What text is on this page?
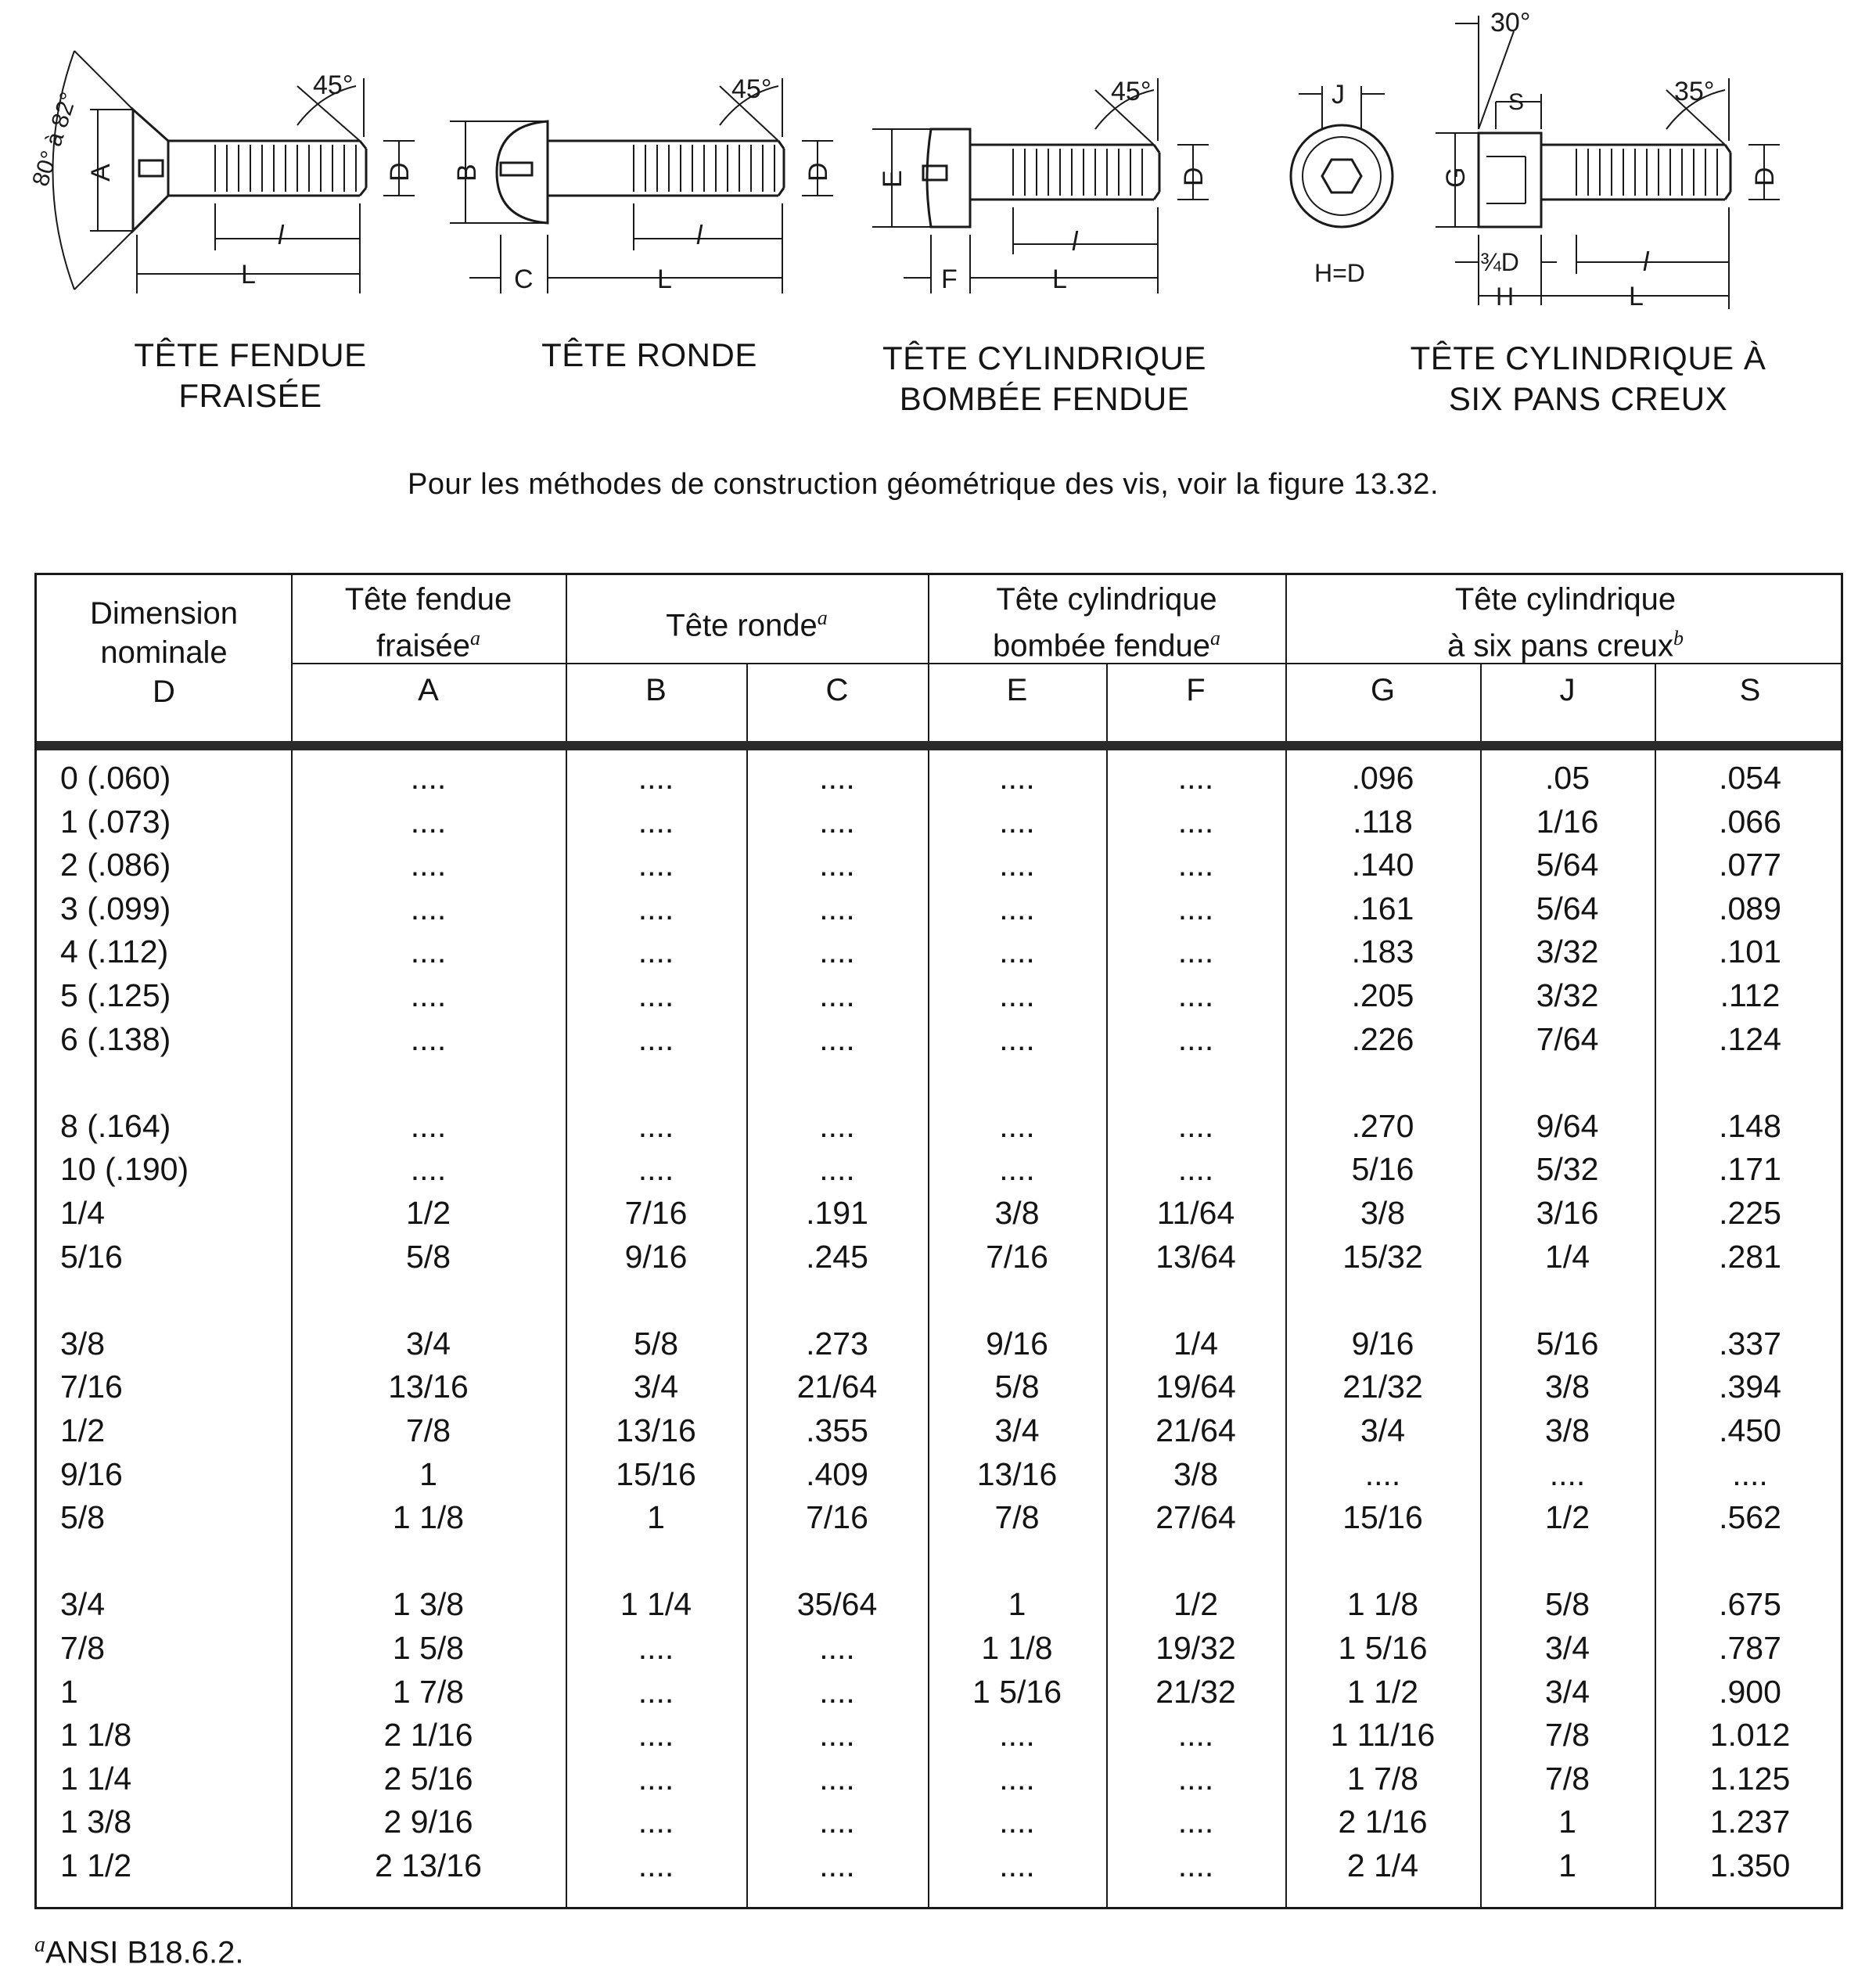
80° à 82° A
l
L
D
45°
B
C
l
L
D
45°
E
F
l
L
D
45°	J
H=D
G
S
30°
35°
¾D
H
l
L
D
TÊTE FENDUE
FRAISÉE
TÊTE RONDE	TÊTE CYLINDRIQUE
BOMBÉE FENDUE
TÊTE CYLINDRIQUE À
SIX PANS CREUX
Pour les méthodes de construction géométrique des vis, voir la figure 13.32.
Dimension
nominale
D
Tête fendue
fraisée$^a$	Tête ronde$^a$
Tête cylindrique
bombée fendue$^a$
Tête cylindrique
à six pans creux$^b$
A	B	C	E	F	G	J	S
0 (.060)	....	....	....	....	....	.096	.05	.054
1 (.073)	....	....	....	....	....	.118	1/16	.066
2 (.086)	....	....	....	....	....	.140	5/64	.077
3 (.099)	....	....	....	....	....	.161	5/64	.089
4 (.112)	....	....	....	....	....	.183	3/32	.101
5 (.125)	....	....	....	....	....	.205	3/32	.112
6 (.138)	....	....	....	....	....	.226	7/64	.124
8 (.164)	....	....	....	....	....	.270	9/64	.148
10 (.190)	....	....	....	....	....	5/16	5/32	.171
1/4	1/2	7/16	.191	3/8	11/64	3/8	3/16	.225
5/16	5/8	9/16	.245	7/16	13/64	15/32	1/4	.281
3/8	3/4	5/8	.273	9/16	1/4	9/16	5/16	.337
7/16	13/16	3/4	21/64	5/8	19/64	21/32	3/8	.394
1/2	7/8	13/16	.355	3/4	21/64	3/4	3/8	.450
9/16	1	15/16	.409	13/16	3/8	....	....	....
5/8	1 1/8	1	7/16	7/8	27/64	15/16	1/2	.562
3/4	1 3/8	1 1/4	35/64	1	1/2	1 1/8	5/8	.675
7/8	1 5/8	....	....	1 1/8	19/32	1 5/16	3/4	.787
1	1 7/8	....	....	1 5/16	21/32	1 1/2	3/4	.900
1 1/8	2 1/16	....	....	....	....	1 11/16	7/8	1.012
1 1/4	2 5/16	....	....	....	....	1 7/8	7/8	1.125
1 3/8	2 9/16	....	....	....	....	2 1/16	1	1.237
1 1/2	2 13/16	....	....	....	....	2 1/4	1	1.350
$^a$ANSI B18.6.2.
